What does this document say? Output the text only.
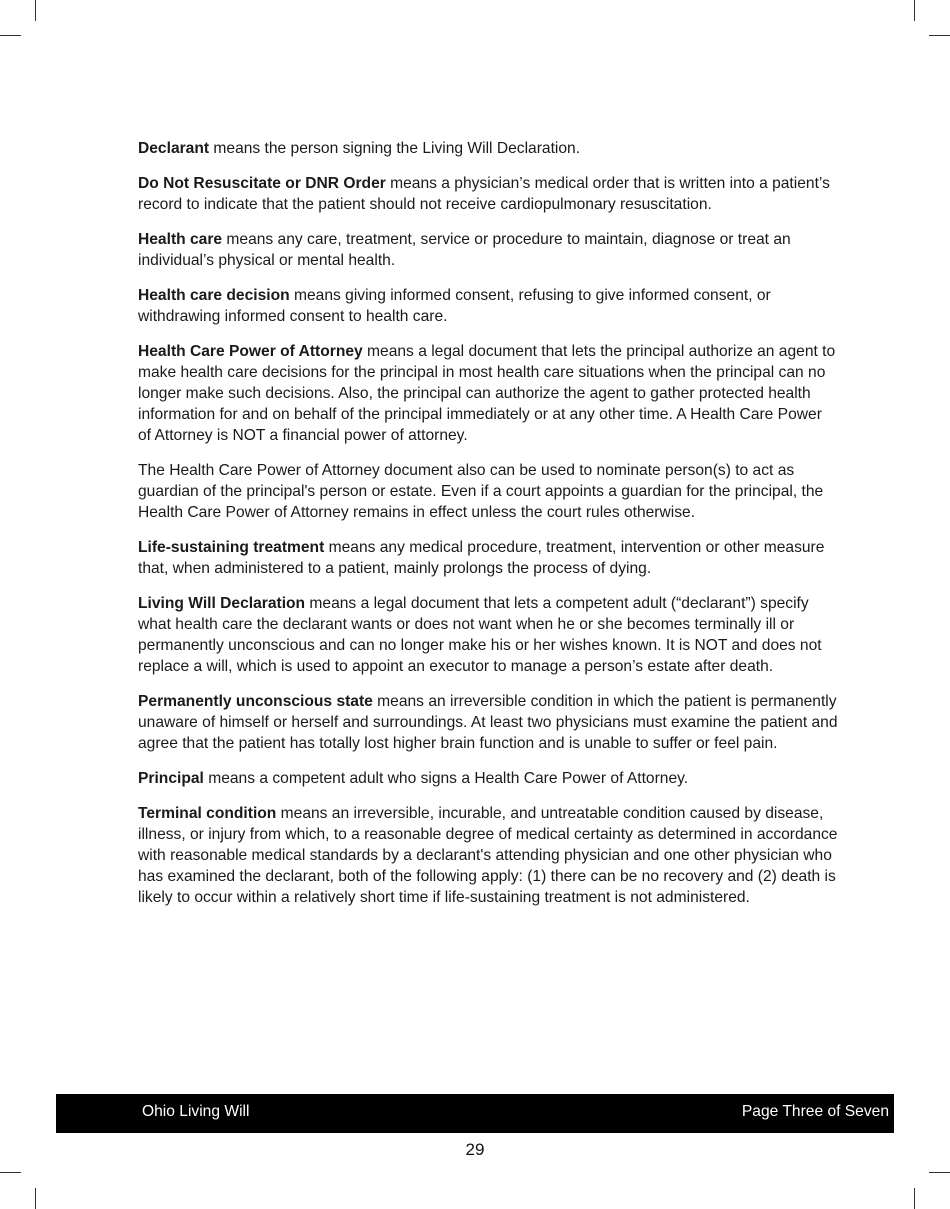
Declarant means the person signing the Living Will Declaration.

Do Not Resuscitate or DNR Order means a physician’s medical order that is written into a patient’s record to indicate that the patient should not receive cardiopulmonary resuscitation.

Health care means any care, treatment, service or procedure to maintain, diagnose or treat an individual’s physical or mental health.

Health care decision means giving informed consent, refusing to give informed consent, or withdrawing informed consent to health care.

Health Care Power of Attorney means a legal document that lets the principal authorize an agent to make health care decisions for the principal in most health care situations when the principal can no longer make such decisions. Also, the principal can authorize the agent to gather protected health information for and on behalf of the principal immediately or at any other time. A Health Care Power of Attorney is NOT a financial power of attorney.

The Health Care Power of Attorney document also can be used to nominate person(s) to act as guardian of the principal's person or estate. Even if a court appoints a guardian for the principal, the Health Care Power of Attorney remains in effect unless the court rules otherwise.

Life-sustaining treatment means any medical procedure, treatment, intervention or other measure that, when administered to a patient, mainly prolongs the process of dying.

Living Will Declaration means a legal document that lets a competent adult (“declarant”) specify what health care the declarant wants or does not want when he or she becomes terminally ill or permanently unconscious and can no longer make his or her wishes known. It is NOT and does not replace a will, which is used to appoint an executor to manage a person’s estate after death.

Permanently unconscious state means an irreversible condition in which the patient is permanently unaware of himself or herself and surroundings. At least two physicians must examine the patient and agree that the patient has totally lost higher brain function and is unable to suffer or feel pain.

Principal means a competent adult who signs a Health Care Power of Attorney.

Terminal condition means an irreversible, incurable, and untreatable condition caused by disease, illness, or injury from which, to a reasonable degree of medical certainty as determined in accordance with reasonable medical standards by a declarant's attending physician and one other physician who has examined the declarant, both of the following apply: (1) there can be no recovery and (2) death is likely to occur within a relatively short time if life-sustaining treatment is not administered.

Ohio Living Will	Page Three of Seven
29
